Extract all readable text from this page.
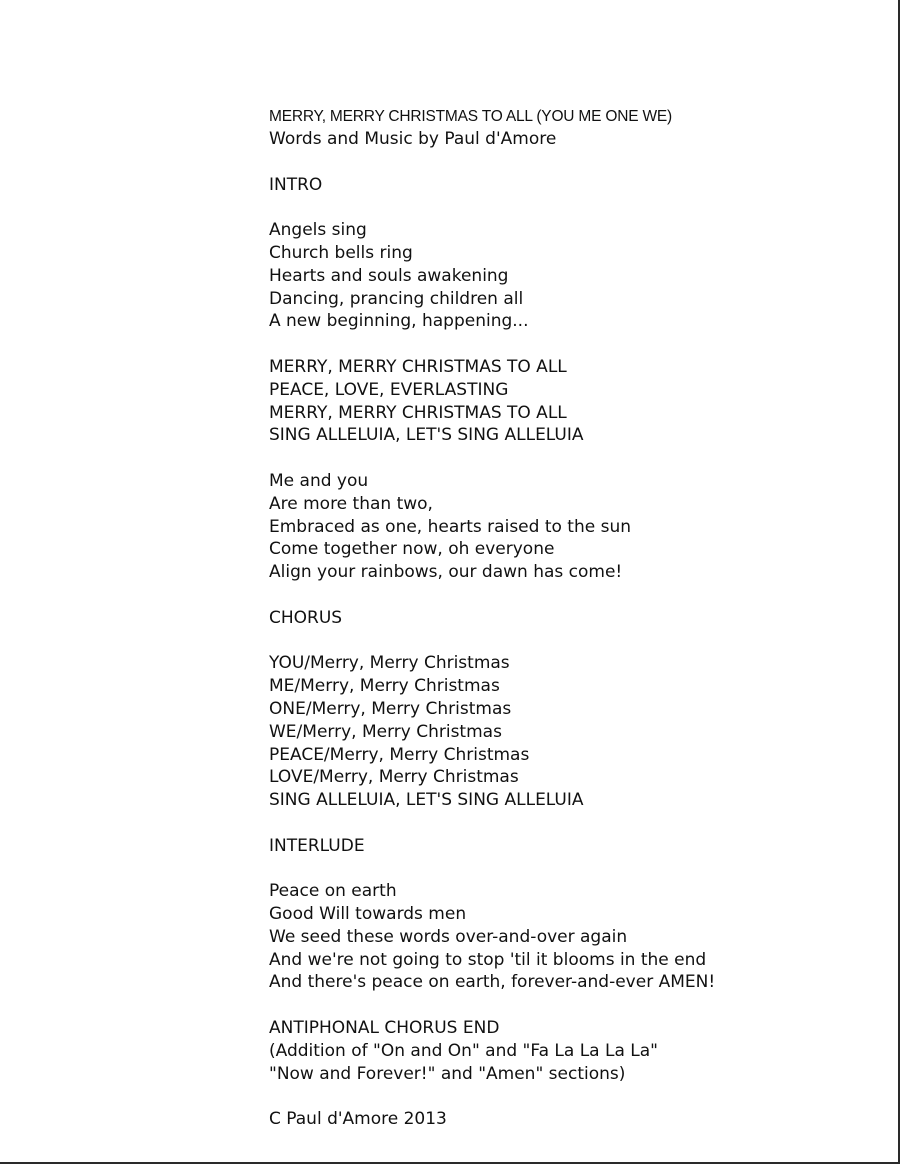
MERRY, MERRY CHRISTMAS TO ALL (YOU ME ONE WE)
Words and Music by Paul d'Amore
INTRO
Angels sing
Church bells ring
Hearts and souls awakening
Dancing, prancing children all
A new beginning, happening...
MERRY, MERRY CHRISTMAS TO ALL
PEACE, LOVE, EVERLASTING
MERRY, MERRY CHRISTMAS TO ALL
SING ALLELUIA, LET'S SING ALLELUIA
Me and you
Are more than two,
Embraced as one, hearts raised to the sun
Come together now, oh everyone
Align your rainbows, our dawn has come!
CHORUS
YOU/Merry, Merry Christmas
ME/Merry, Merry Christmas
ONE/Merry, Merry Christmas
WE/Merry, Merry Christmas
PEACE/Merry, Merry Christmas
LOVE/Merry, Merry Christmas
SING ALLELUIA, LET'S SING ALLELUIA
INTERLUDE
Peace on earth
Good Will towards men
We seed these words over-and-over again
And we're not going to stop 'til it blooms in the end
And there's peace on earth, forever-and-ever AMEN!
ANTIPHONAL CHORUS END
(Addition of "On and On" and "Fa La La La La"
"Now and Forever!" and "Amen" sections)
C Paul d'Amore 2013
